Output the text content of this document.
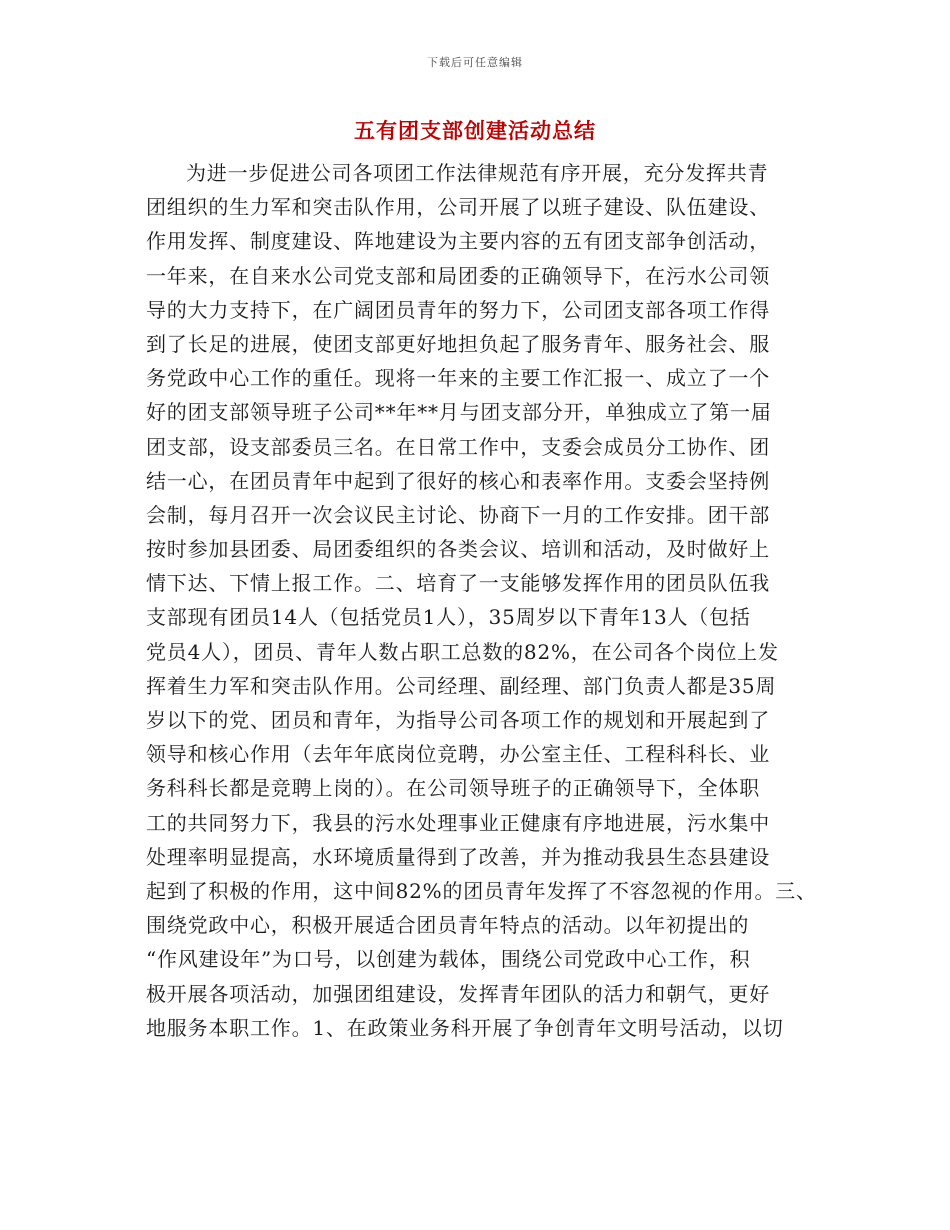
下载后可任意编辑
五有团支部创建活动总结
为进一步促进公司各项团工作法律规范有序开展，充分发挥共青
团组织的生力军和突击队作用，公司开展了以班子建设、队伍建设、
作用发挥、制度建设、阵地建设为主要内容的五有团支部争创活动，
一年来，在自来水公司党支部和局团委的正确领导下，在污水公司领
导的大力支持下，在广阔团员青年的努力下，公司团支部各项工作得
到了长足的进展，使团支部更好地担负起了服务青年、服务社会、服
务党政中心工作的重任。现将一年来的主要工作汇报一、成立了一个
好的团支部领导班子公司**年**月与团支部分开，单独成立了第一届
团支部，设支部委员三名。在日常工作中，支委会成员分工协作、团
结一心，在团员青年中起到了很好的核心和表率作用。支委会坚持例
会制，每月召开一次会议民主讨论、协商下一月的工作安排。团干部
按时参加县团委、局团委组织的各类会议、培训和活动，及时做好上
情下达、下情上报工作。二、培育了一支能够发挥作用的团员队伍我
支部现有团员14人（包括党员1人），35周岁以下青年13人（包括
党员4人），团员、青年人数占职工总数的82%，在公司各个岗位上发
挥着生力军和突击队作用。公司经理、副经理、部门负责人都是35周
岁以下的党、团员和青年，为指导公司各项工作的规划和开展起到了
领导和核心作用（去年年底岗位竞聘，办公室主任、工程科科长、业
务科科长都是竞聘上岗的）。在公司领导班子的正确领导下，全体职
工的共同努力下，我县的污水处理事业正健康有序地进展，污水集中
处理率明显提高，水环境质量得到了改善，并为推动我县生态县建设
起到了积极的作用，这中间82%的团员青年发挥了不容忽视的作用。三、
围绕党政中心，积极开展适合团员青年特点的活动。以年初提出的
“作风建设年”为口号，以创建为载体，围绕公司党政中心工作，积
极开展各项活动，加强团组建设，发挥青年团队的活力和朝气，更好
地服务本职工作。1、在政策业务科开展了争创青年文明号活动，以切
